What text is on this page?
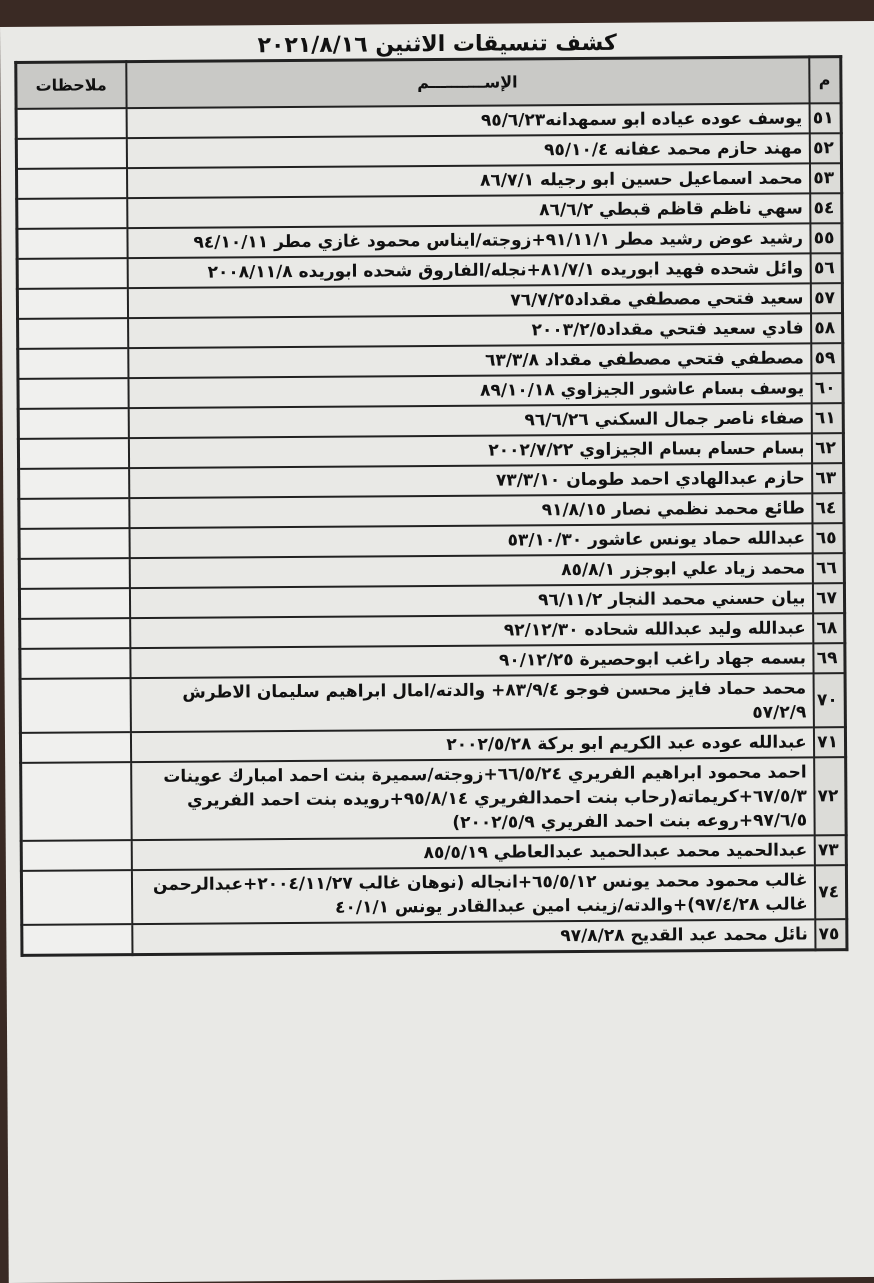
كشف تنسيقات الاثنين ٢٠٢١/٨/١٦
م	الإســــــــــم	ملاحظات
٥١	يوسف عوده عياده ابو سمهدانه٩٥/٦/٢٣	
٥٢	مهند حازم محمد عفانه ٩٥/١٠/٤	
٥٣	محمد اسماعيل حسين ابو رجيله ٨٦/٧/١	
٥٤	سهي ناظم قاظم قبطي ٨٦/٦/٢	
٥٥	رشيد عوض رشيد مطر ٩١/١١/١+زوجته/ايناس محمود غازي مطر ٩٤/١٠/١١	
٥٦	وائل شحده فهيد ابوريده ٨١/٧/١+نجله/الفاروق شحده ابوريده ٢٠٠٨/١١/٨	
٥٧	سعيد فتحي مصطفي مقداد٧٦/٧/٢٥	
٥٨	فادي سعيد فتحي مقداد٢٠٠٣/٢/٥	
٥٩	مصطفي فتحي مصطفي مقداد ٦٣/٣/٨	
٦٠	يوسف بسام عاشور الجيزاوي ٨٩/١٠/١٨	
٦١	صفاء ناصر جمال السكني ٩٦/٦/٢٦	
٦٢	بسام حسام بسام الجيزاوي ٢٠٠٢/٧/٢٢	
٦٣	حازم عبدالهادي احمد طومان ٧٣/٣/١٠	
٦٤	طائع محمد نظمي نصار ٩١/٨/١٥	
٦٥	عبدالله حماد يونس عاشور ٥٣/١٠/٣٠	
٦٦	محمد زياد علي ابوجزر ٨٥/٨/١	
٦٧	بيان حسني محمد النجار ٩٦/١١/٢	
٦٨	عبدالله وليد عبدالله شحاده ٩٢/١٢/٣٠	
٦٩	بسمه جهاد راغب ابوحصيرة ٩٠/١٢/٢٥	
٧٠	محمد حماد فايز محسن فوجو ٨٣/٩/٤+ والدته/امال ابراهيم سليمان الاطرش ٥٧/٢/٩	
٧١	عبدالله عوده عبد الكريم ابو بركة ٢٠٠٢/٥/٢٨	
٧٢	احمد محمود ابراهيم الفريري ٦٦/٥/٢٤+زوجته/سميرة بنت احمد امبارك عوينات ٦٧/٥/٣+كريماته(رحاب بنت احمدالفريري ٩٥/٨/١٤+رويده بنت احمد الفريري ٩٧/٦/٥+روعه بنت احمد الفريري ٢٠٠٢/٥/٩)	
٧٣	عبدالحميد محمد عبدالحميد عبدالعاطي ٨٥/٥/١٩	
٧٤	غالب محمود محمد يونس ٦٥/٥/١٢+انجاله (نوهان غالب ٢٠٠٤/١١/٢٧+عبدالرحمن غالب ٩٧/٤/٢٨)+والدته/زينب امين عبدالقادر يونس ٤٠/١/١	
٧٥	نائل محمد عبد القديح ٩٧/٨/٢٨	
